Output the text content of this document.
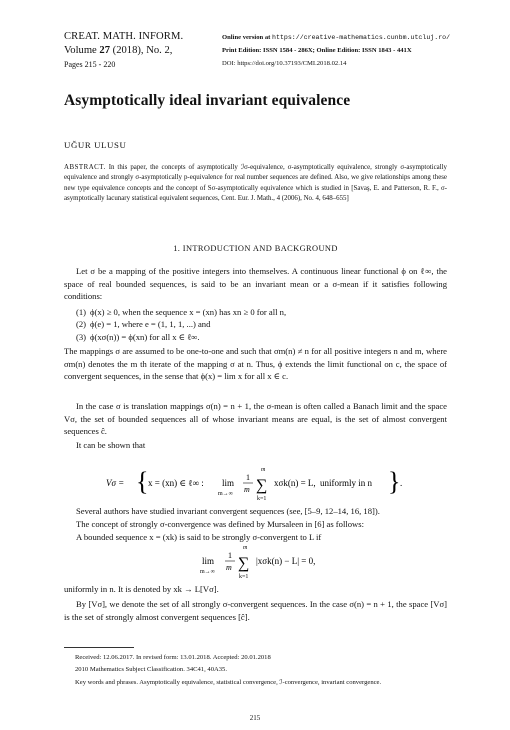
CREAT. MATH. INFORM.
Volume 27 (2018), No. 2,
Pages 215 - 220
Online version at https://creative-mathematics.cunbm.utcluj.ro/
Print Edition: ISSN 1584 - 286X; Online Edition: ISSN 1843 - 441X
DOI: https://doi.org/10.37193/CMI.2018.02.14
Asymptotically ideal invariant equivalence
UĞUR ULUSU
ABSTRACT. In this paper, the concepts of asymptotically ℐσ-equivalence, σ-asymptotically equivalence, strongly σ-asymptotically equivalence and strongly σ-asymptotically p-equivalence for real number sequences are defined. Also, we give relationships among these new type equivalence concepts and the concept of Sσ-asymptotically equivalence which is studied in [Savaş, E. and Patterson, R. F., σ-asymptotically lacunary statistical equivalent sequences, Cent. Eur. J. Math., 4 (2006), No. 4, 648–655]
1. INTRODUCTION AND BACKGROUND
Let σ be a mapping of the positive integers into themselves. A continuous linear functional ϕ on ℓ∞, the space of real bounded sequences, is said to be an invariant mean or a σ-mean if it satisfies following conditions:
(1) ϕ(x) ≥ 0, when the sequence x = (xn) has xn ≥ 0 for all n,
(2) ϕ(e) = 1, where e = (1, 1, 1, ...) and
(3) ϕ(xσ(n)) = ϕ(xn) for all x ∈ ℓ∞.
The mappings σ are assumed to be one-to-one and such that σm(n) ≠ n for all positive integers n and m, where σm(n) denotes the m th iterate of the mapping σ at n. Thus, ϕ extends the limit functional on c, the space of convergent sequences, in the sense that ϕ(x) = lim x for all x ∈ c.
In the case σ is translation mappings σ(n) = n + 1, the σ-mean is often called a Banach limit and the space Vσ, the set of bounded sequences all of whose invariant means are equal, is the set of almost convergent sequences ĉ.
It can be shown that
Vσ = { x = (xn) ∈ ℓ∞ : lim
m→∞
1
m
m
∑
k=1
xσk(n) = L, uniformly in n } .
Several authors have studied invariant convergent sequences (see, [5–9, 12–14, 16, 18]).
The concept of strongly σ-convergence was defined by Mursaleen in [6] as follows:
A bounded sequence x = (xk) is said to be strongly σ-convergent to L if
lim
m→∞
1
m
m
∑
k=1
|xσk(n) − L| = 0,
uniformly in n. It is denoted by xk → L[Vσ].
By [Vσ], we denote the set of all strongly σ-convergent sequences. In the case σ(n) = n + 1, the space [Vσ] is the set of strongly almost convergent sequences [ĉ].
Received: 12.06.2017. In revised form: 13.01.2018. Accepted: 20.01.2018
2010 Mathematics Subject Classification. 34C41, 40A35.
Key words and phrases. Asymptotically equivalence, statistical convergence, ℐ-convergence, invariant convergence.
215
